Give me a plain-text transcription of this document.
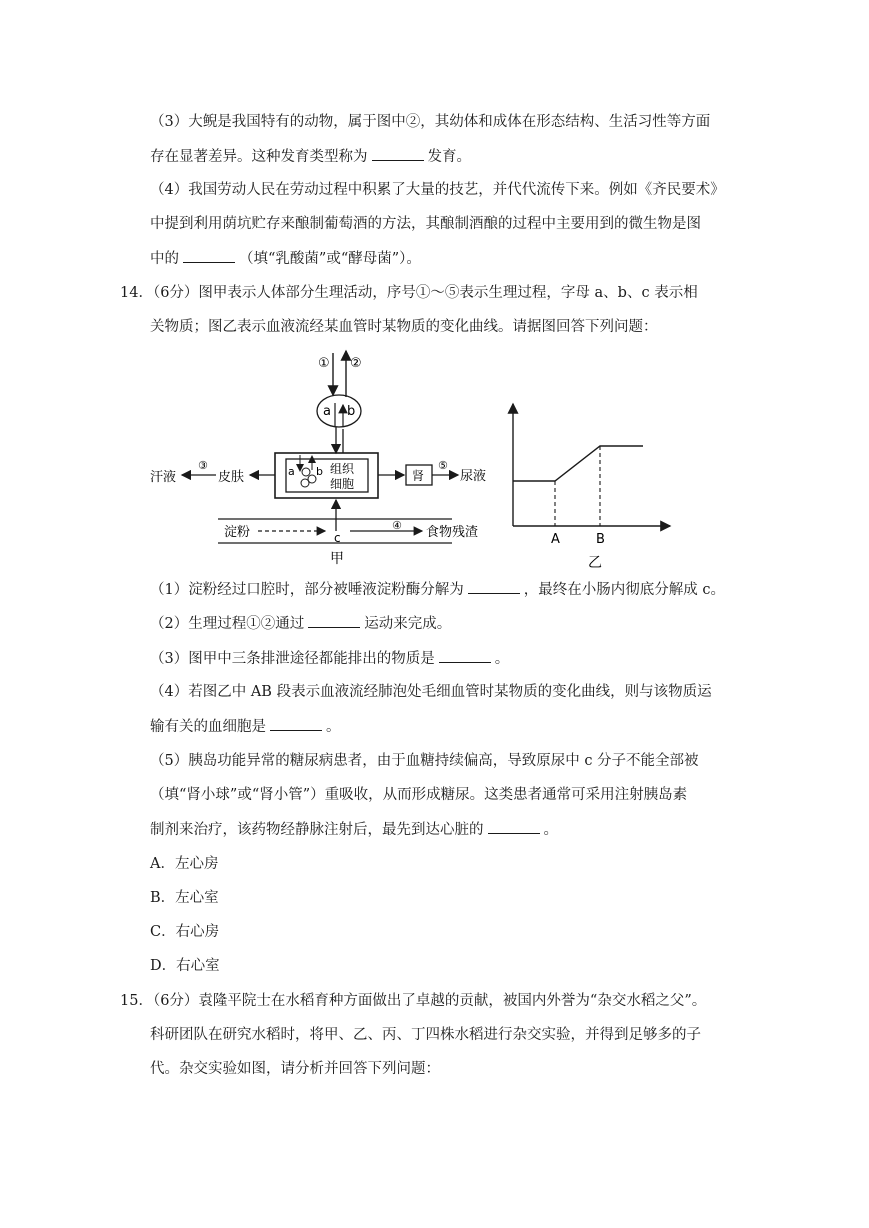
（3）大鲵是我国特有的动物，属于图中②，其幼体和成体在形态结构、生活习性等方面
存在显著差异。这种发育类型称为	发育。
（4）我国劳动人民在劳动过程中积累了大量的技艺，并代代流传下来。例如《齐民要术》
中提到利用荫坑贮存来酿制葡萄酒的方法，其酿制酒酿的过程中主要用到的微生物是图
中的	（填“乳酸菌”或“酵母菌”）。
14．（6分）图甲表示人体部分生理活动，序号①～⑤表示生理过程，字母 a、b、c 表示相
关物质；图乙表示血液流经某血管时某物质的变化曲线。请据图回答下列问题：
① ②
a b
a b 组织
细胞
肾
⑤
尿液
皮肤
③
汗液
淀粉	c
④ 食物残渣
甲
A	B
乙
（1）淀粉经过口腔时，部分被唾液淀粉酶分解为	，最终在小肠内彻底分解成 c。
（2）生理过程①②通过	运动来完成。
（3）图甲中三条排泄途径都能排出的物质是	。
（4）若图乙中 AB 段表示血液流经肺泡处毛细血管时某物质的变化曲线，则与该物质运
输有关的血细胞是	。
（5）胰岛功能异常的糖尿病患者，由于血糖持续偏高，导致原尿中 c 分子不能全部被
（填“肾小球”或“肾小管”）重吸收，从而形成糖尿。这类患者通常可采用注射胰岛素
制剂来治疗，该药物经静脉注射后，最先到达心脏的	。
A．左心房
B．左心室
C．右心房
D．右心室
15．（6分）袁隆平院士在水稻育种方面做出了卓越的贡献，被国内外誉为“杂交水稻之父”。
科研团队在研究水稻时，将甲、乙、丙、丁四株水稻进行杂交实验，并得到足够多的子
代。杂交实验如图，请分析并回答下列问题：
